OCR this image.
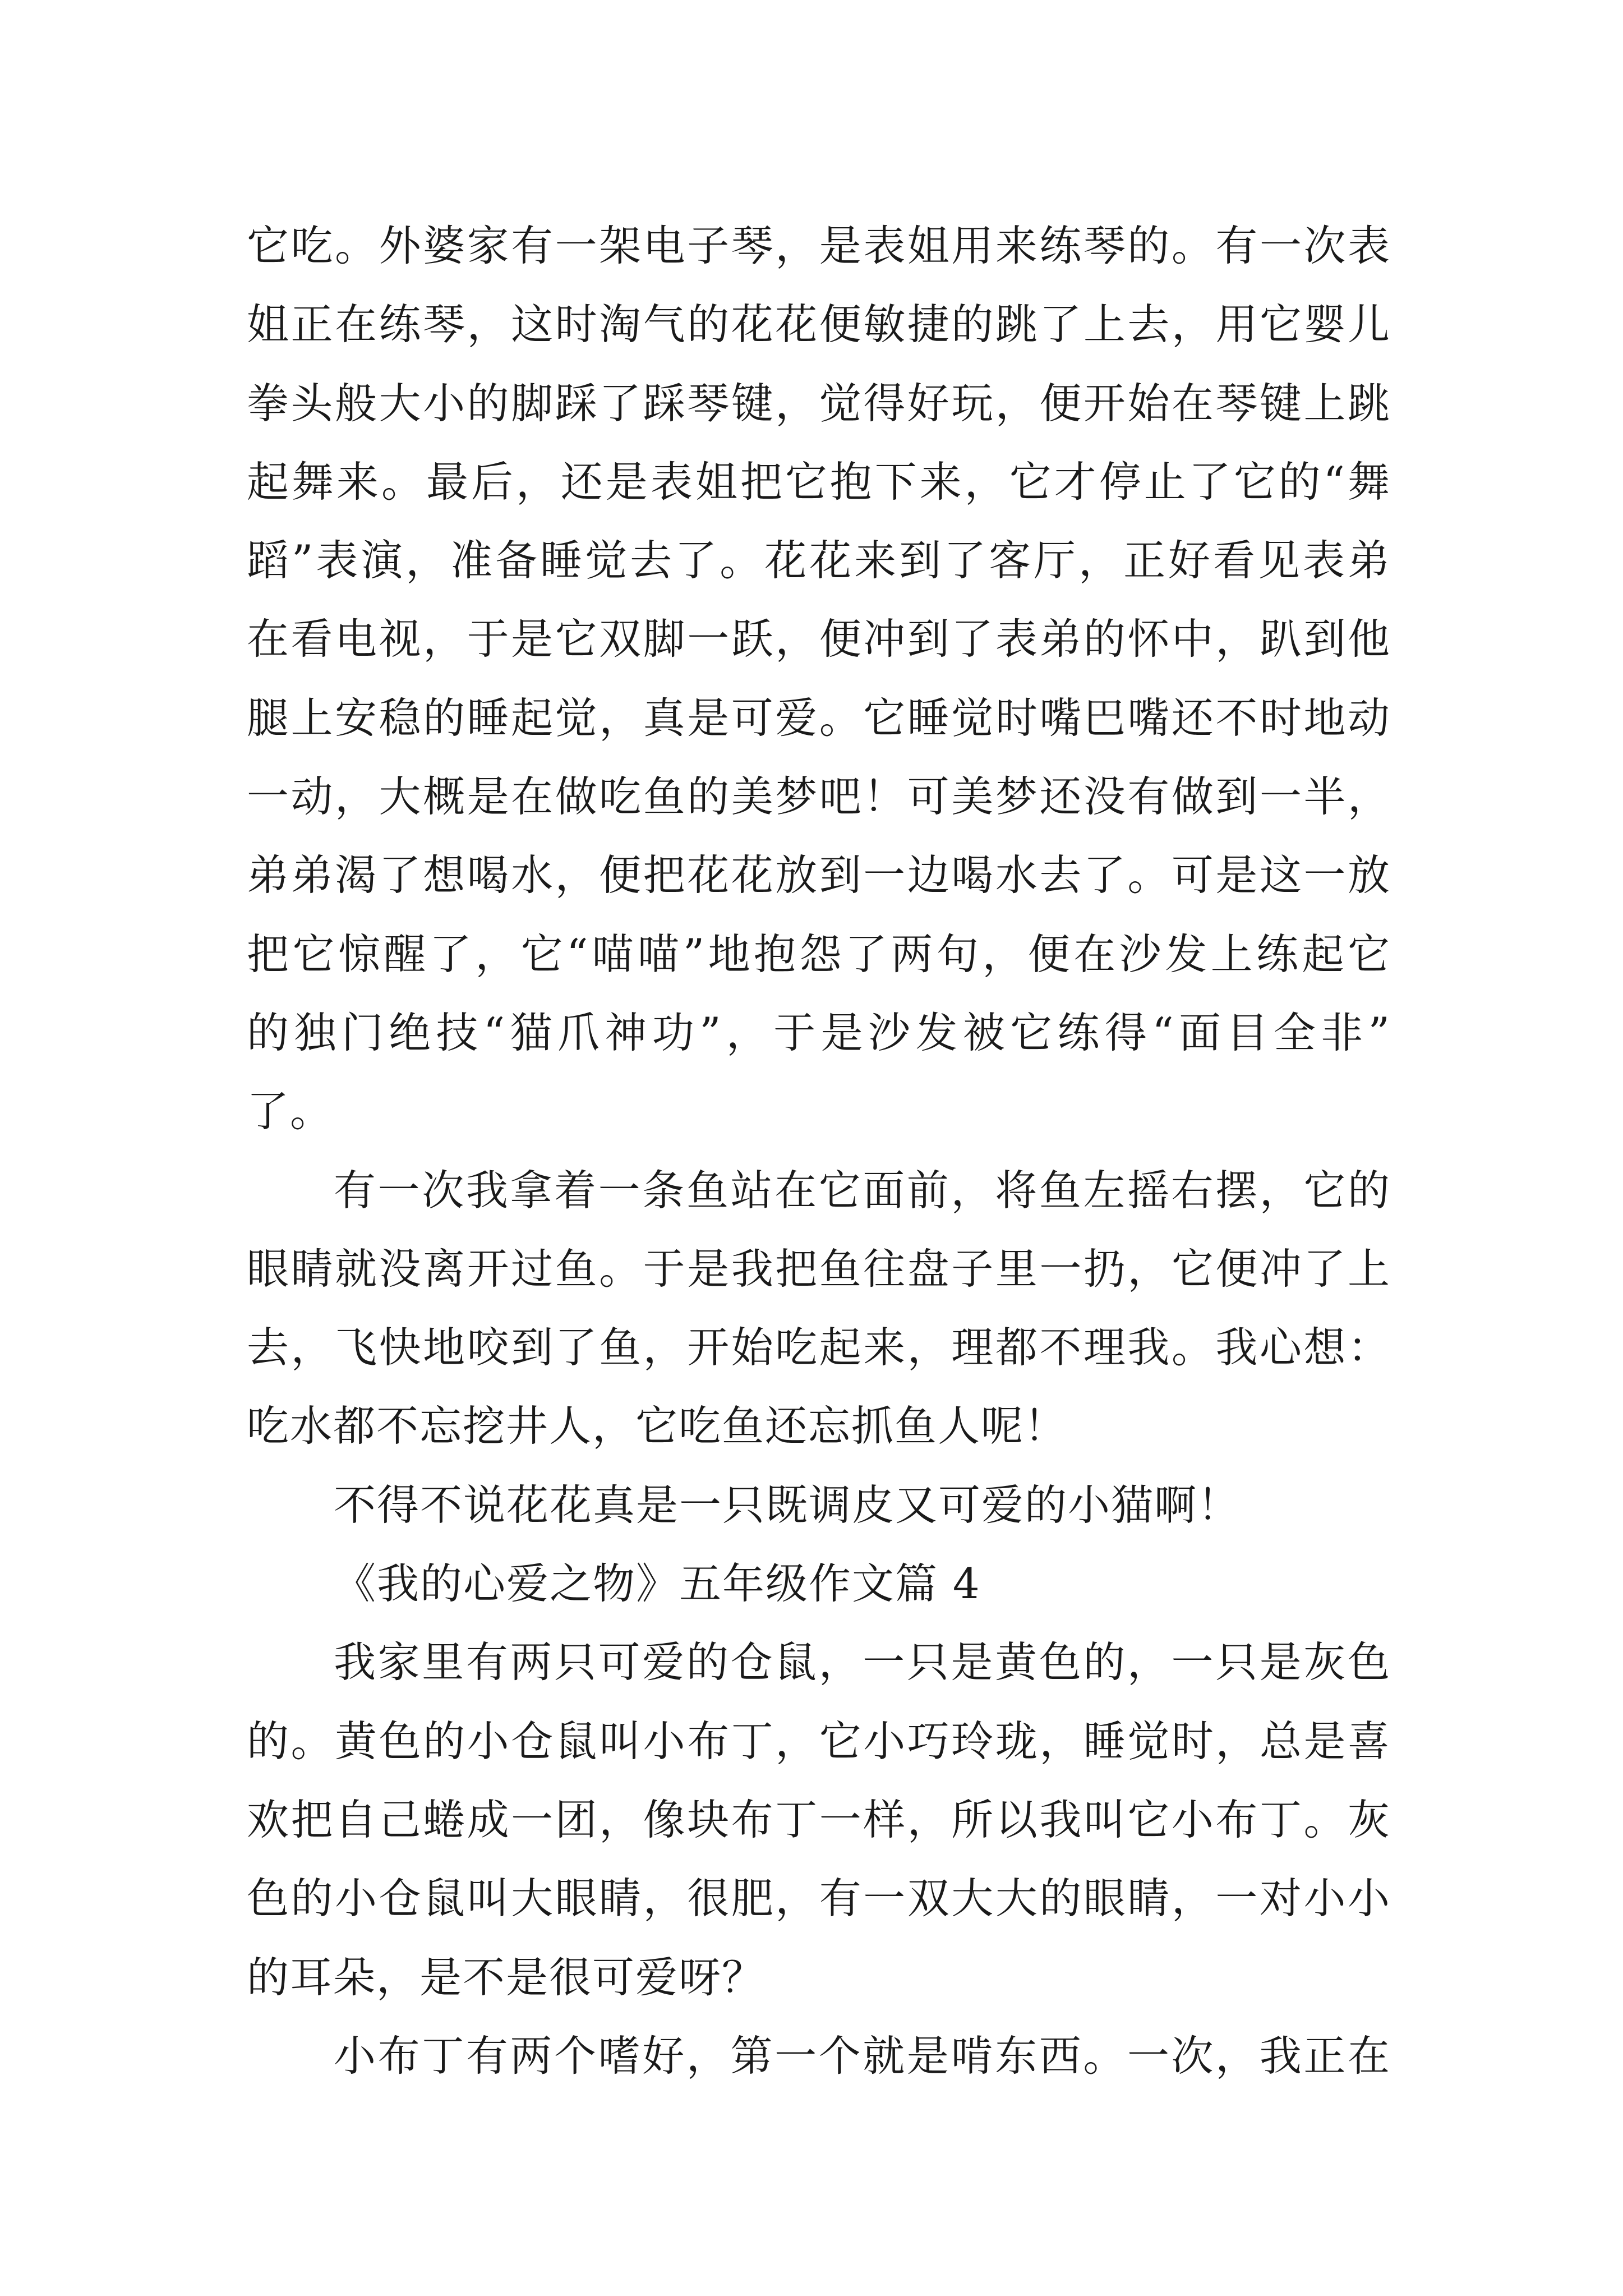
它吃。外婆家有一架电子琴，是表姐用来练琴的。有一次表
姐正在练琴，这时淘气的花花便敏捷的跳了上去，用它婴儿
拳头般大小的脚踩了踩琴键，觉得好玩，便开始在琴键上跳
起舞来。最后，还是表姐把它抱下来，它才停止了它的“舞
蹈”表演，准备睡觉去了。花花来到了客厅，正好看见表弟
在看电视，于是它双脚一跃，便冲到了表弟的怀中，趴到他
腿上安稳的睡起觉，真是可爱。它睡觉时嘴巴嘴还不时地动
一动，大概是在做吃鱼的美梦吧！可美梦还没有做到一半，
弟弟渴了想喝水，便把花花放到一边喝水去了。可是这一放
把它惊醒了，它“喵喵”地抱怨了两句，便在沙发上练起它
的独门绝技“猫爪神功”，于是沙发被它练得“面目全非”
了。
有一次我拿着一条鱼站在它面前，将鱼左摇右摆，它的
眼睛就没离开过鱼。于是我把鱼往盘子里一扔，它便冲了上
去，飞快地咬到了鱼，开始吃起来，理都不理我。我心想：
吃水都不忘挖井人，它吃鱼还忘抓鱼人呢！
不得不说花花真是一只既调皮又可爱的小猫啊！
《我的心爱之物》五年级作文篇 4
我家里有两只可爱的仓鼠，一只是黄色的，一只是灰色
的。黄色的小仓鼠叫小布丁，它小巧玲珑，睡觉时，总是喜
欢把自己蜷成一团，像块布丁一样，所以我叫它小布丁。灰
色的小仓鼠叫大眼睛，很肥，有一双大大的眼睛，一对小小
的耳朵，是不是很可爱呀？
小布丁有两个嗜好，第一个就是啃东西。一次，我正在
